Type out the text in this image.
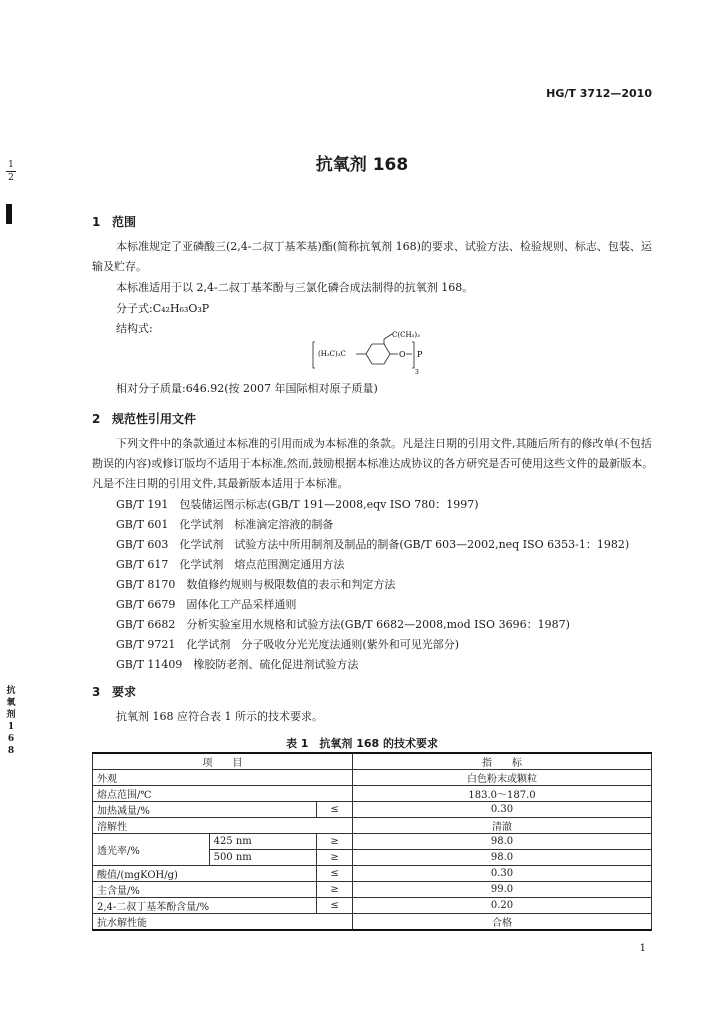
HG/T 3712—2010
1
2
抗
氧
剂
1
6
8
抗氧剂 168
1 范围
本标准规定了亚磷酸三(2,4-二叔丁基苯基)酯(简称抗氧剂 168)的要求、试验方法、检验规则、标志、包装、运输及贮存。
本标准适用于以 2,4-二叔丁基苯酚与三氯化磷合成法制得的抗氧剂 168。
分子式:C₄₂H₆₃O₃P
结构式:	C(CH₃)₃
(H₃C)₃C	O P
3
相对分子质量:646.92(按 2007 年国际相对原子质量)
2 规范性引用文件
下列文件中的条款通过本标准的引用而成为本标准的条款。凡是注日期的引用文件,其随后所有的修改单(不包括勘误的内容)或修订版均不适用于本标准,然而,鼓励根据本标准达成协议的各方研究是否可使用这些文件的最新版本。凡是不注日期的引用文件,其最新版本适用于本标准。
GB/T 191　包装储运图示标志(GB/T 191—2008,eqv ISO 780：1997)
GB/T 601　化学试剂　标准滴定溶液的制备
GB/T 603　化学试剂　试验方法中所用制剂及制品的制备(GB/T 603—2002,neq ISO 6353-1：1982)
GB/T 617　化学试剂　熔点范围测定通用方法
GB/T 8170　数值修约规则与极限数值的表示和判定方法
GB/T 6679　固体化工产品采样通则
GB/T 6682　分析实验室用水规格和试验方法(GB/T 6682—2008,mod ISO 3696：1987)
GB/T 9721　化学试剂　分子吸收分光光度法通则(紫外和可见光部分)
GB/T 11409　橡胶防老剂、硫化促进剂试验方法
3 要求
抗氧剂 168 应符合表 1 所示的技术要求。
表 1　抗氧剂 168 的技术要求
项　　目			指　　标
外观			白色粉末或颗粒
熔点范围/℃			183.0～187.0
加热减量/%		≤	0.30
溶解性			清澈
透光率/%	425 nm	≥	98.0
	500 nm	≥	98.0
酸值/(mgKOH/g)		≤	0.30
主含量/%		≥	99.0
2,4-二叔丁基苯酚含量/%		≤	0.20
抗水解性能			合格
1
